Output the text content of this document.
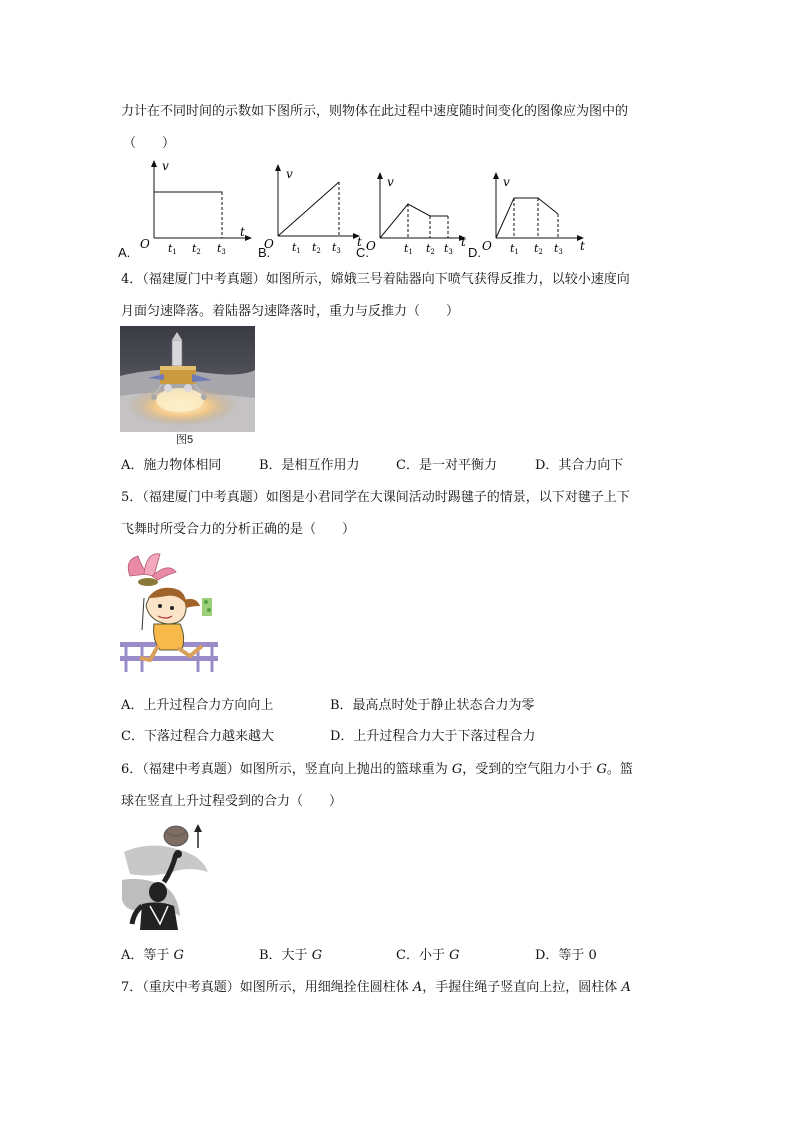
力计在不同时间的示数如下图所示，则物体在此过程中速度随时间变化的图像应为图中的
（　　）
v
t
O t1 t2 t3
A.
v
t
O t1 t2 t3
B.
v
t
O	t1 t2 t3
C.
v
t
O t1 t2 t3
D.
4．（福建厦门中考真题）如图所示，嫦娥三号着陆器向下喷气获得反推力，以较小速度向
月面匀速降落。着陆器匀速降落时，重力与反推力（　　）
图5
A．施力物体相同	B．是相互作用力	C．是一对平衡力	D．其合力向下
5．（福建厦门中考真题）如图是小君同学在大课间活动时踢毽子的情景，以下对毽子上下
飞舞时所受合力的分析正确的是（　　）
A．上升过程合力方向向上	B．最高点时处于静止状态合力为零
C．下落过程合力越来越大	D．上升过程合力大于下落过程合力
6．（福建中考真题）如图所示，竖直向上抛出的篮球重为 G，受到的空气阻力小于 G。篮
球在竖直上升过程受到的合力（　　）
A．等于 G	B．大于 G	C．小于 G	D．等于 0
7．（重庆中考真题）如图所示，用细绳拴住圆柱体 A，手握住绳子竖直向上拉，圆柱体 A
